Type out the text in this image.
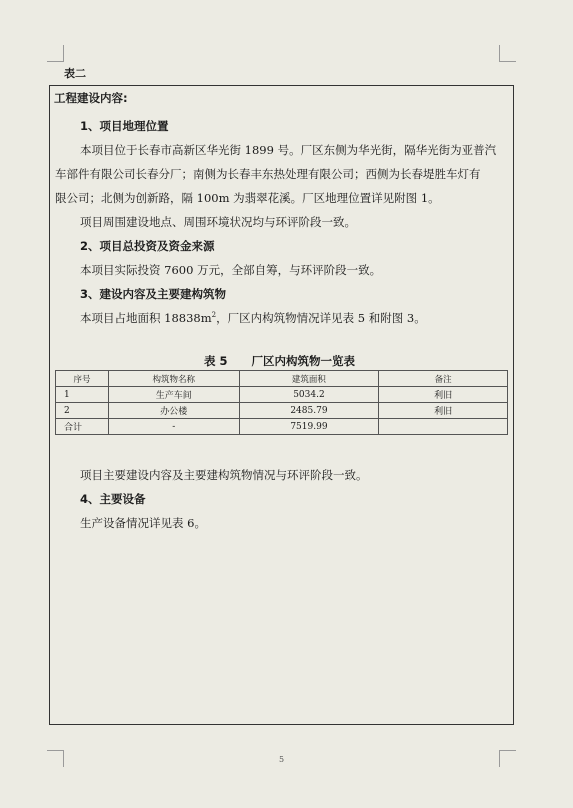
表二
工程建设内容:
1、项目地理位置
本项目位于长春市高新区华光街 1899 号。厂区东侧为华光街，隔华光街为亚普汽
车部件有限公司长春分厂；南侧为长春丰东热处理有限公司；西侧为长春堤胜车灯有
限公司；北侧为创新路，隔 100m 为翡翠花溪。厂区地理位置详见附图 1。
项目周围建设地点、周围环境状况均与环评阶段一致。
2、项目总投资及资金来源
本项目实际投资 7600 万元，全部自筹，与环评阶段一致。
3、建设内容及主要建构筑物
本项目占地面积 $18838m^2$，厂区内构筑物情况详见表 5 和附图 3。
表 5      厂区内构筑物一览表
序号	构筑物名称	建筑面积	备注
1	生产车间	5034.2	利旧
2	办公楼	2485.79	利旧
合计	-	7519.99	
项目主要建设内容及主要建构筑物情况与环评阶段一致。
4、主要设备
生产设备情况详见表 6。
5
